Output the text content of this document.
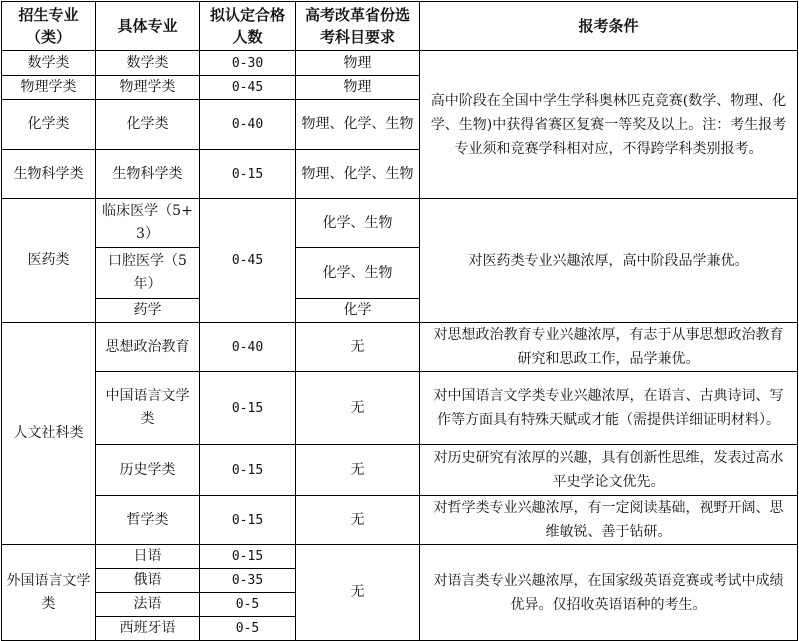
招生专业（类）	具体专业	拟认定合格人数	高考改革省份选考科目要求	报考条件
数学类	数学类	0-30	物理	高中阶段在全国中学生学科奥林匹克竞赛(数学、物理、化学、生物)中获得省赛区复赛一等奖及以上。注：考生报考专业须和竞赛学科相对应，不得跨学科类别报考。
物理学类	物理学类	0-45	物理	
化学类	化学类	0-40	物理、化学、生物	
生物科学类	生物科学类	0-15	物理、化学、生物	
医药类	临床医学（5+3）	0-45	化学、生物	对医药类专业兴趣浓厚，高中阶段品学兼优。
	口腔医学（5年）		化学、生物	
	药学		化学	
人文社科类	思想政治教育	0-40	无	对思想政治教育专业兴趣浓厚，有志于从事思想政治教育研究和思政工作，品学兼优。
	中国语言文学类	0-15	无	对中国语言文学类专业兴趣浓厚，在语言、古典诗词、写作等方面具有特殊天赋或才能（需提供详细证明材料）。
	历史学类	0-15	无	对历史研究有浓厚的兴趣，具有创新性思维，发表过高水平史学论文优先。
	哲学类	0-15	无	对哲学类专业兴趣浓厚，有一定阅读基础，视野开阔、思维敏锐、善于钻研。
外国语言文学类	日语	0-15	无	对语言类专业兴趣浓厚，在国家级英语竞赛或考试中成绩优异。仅招收英语语种的考生。
	俄语	0-35		
	法语	0-5		
	西班牙语	0-5		
